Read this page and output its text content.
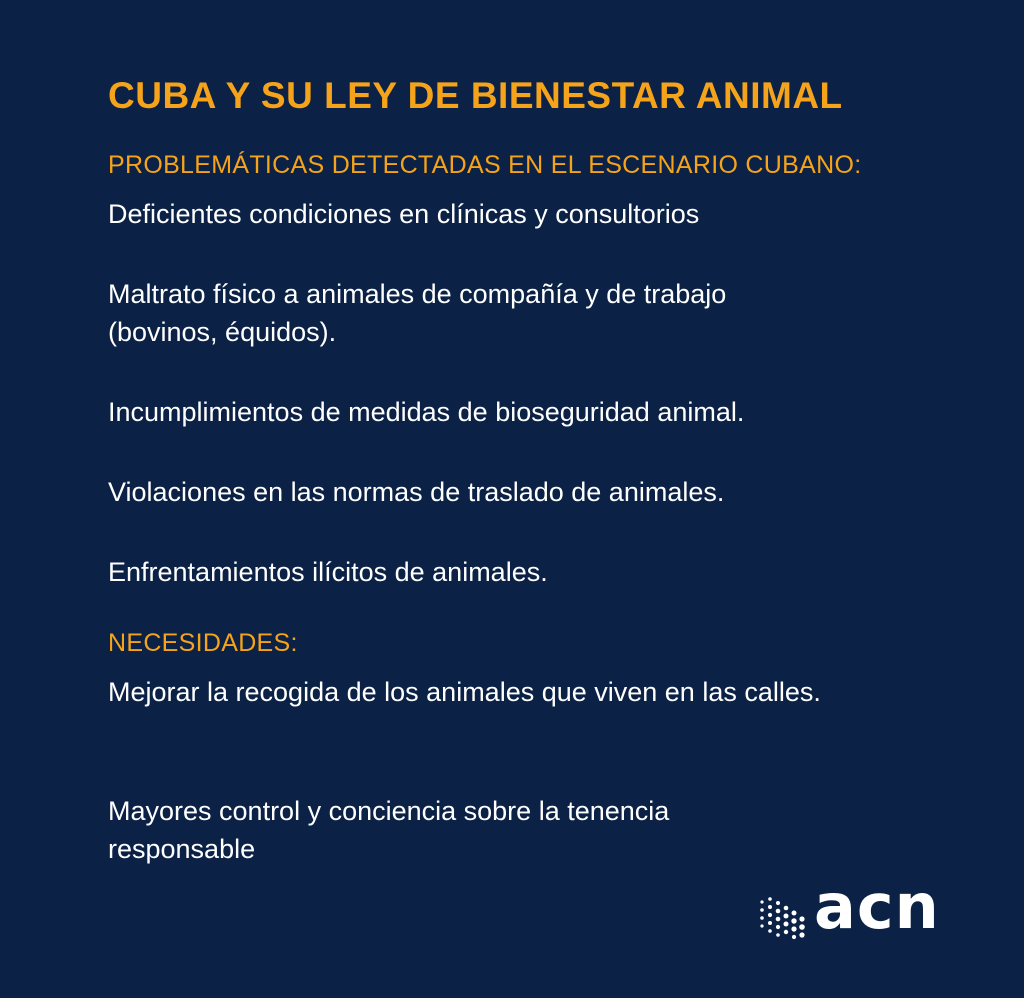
CUBA Y SU LEY DE BIENESTAR ANIMAL
PROBLEMÁTICAS DETECTADAS EN EL ESCENARIO CUBANO:

Deficientes condiciones en clínicas y consultorios

Maltrato físico a animales de compañía y de trabajo (bovinos, équidos).

Incumplimientos de medidas de bioseguridad animal.

Violaciones en las normas de traslado de animales.

Enfrentamientos ilícitos de animales.

NECESIDADES:

Mejorar la recogida de los animales que viven en las calles.

Mayores control y conciencia sobre la tenencia responsable

acn
